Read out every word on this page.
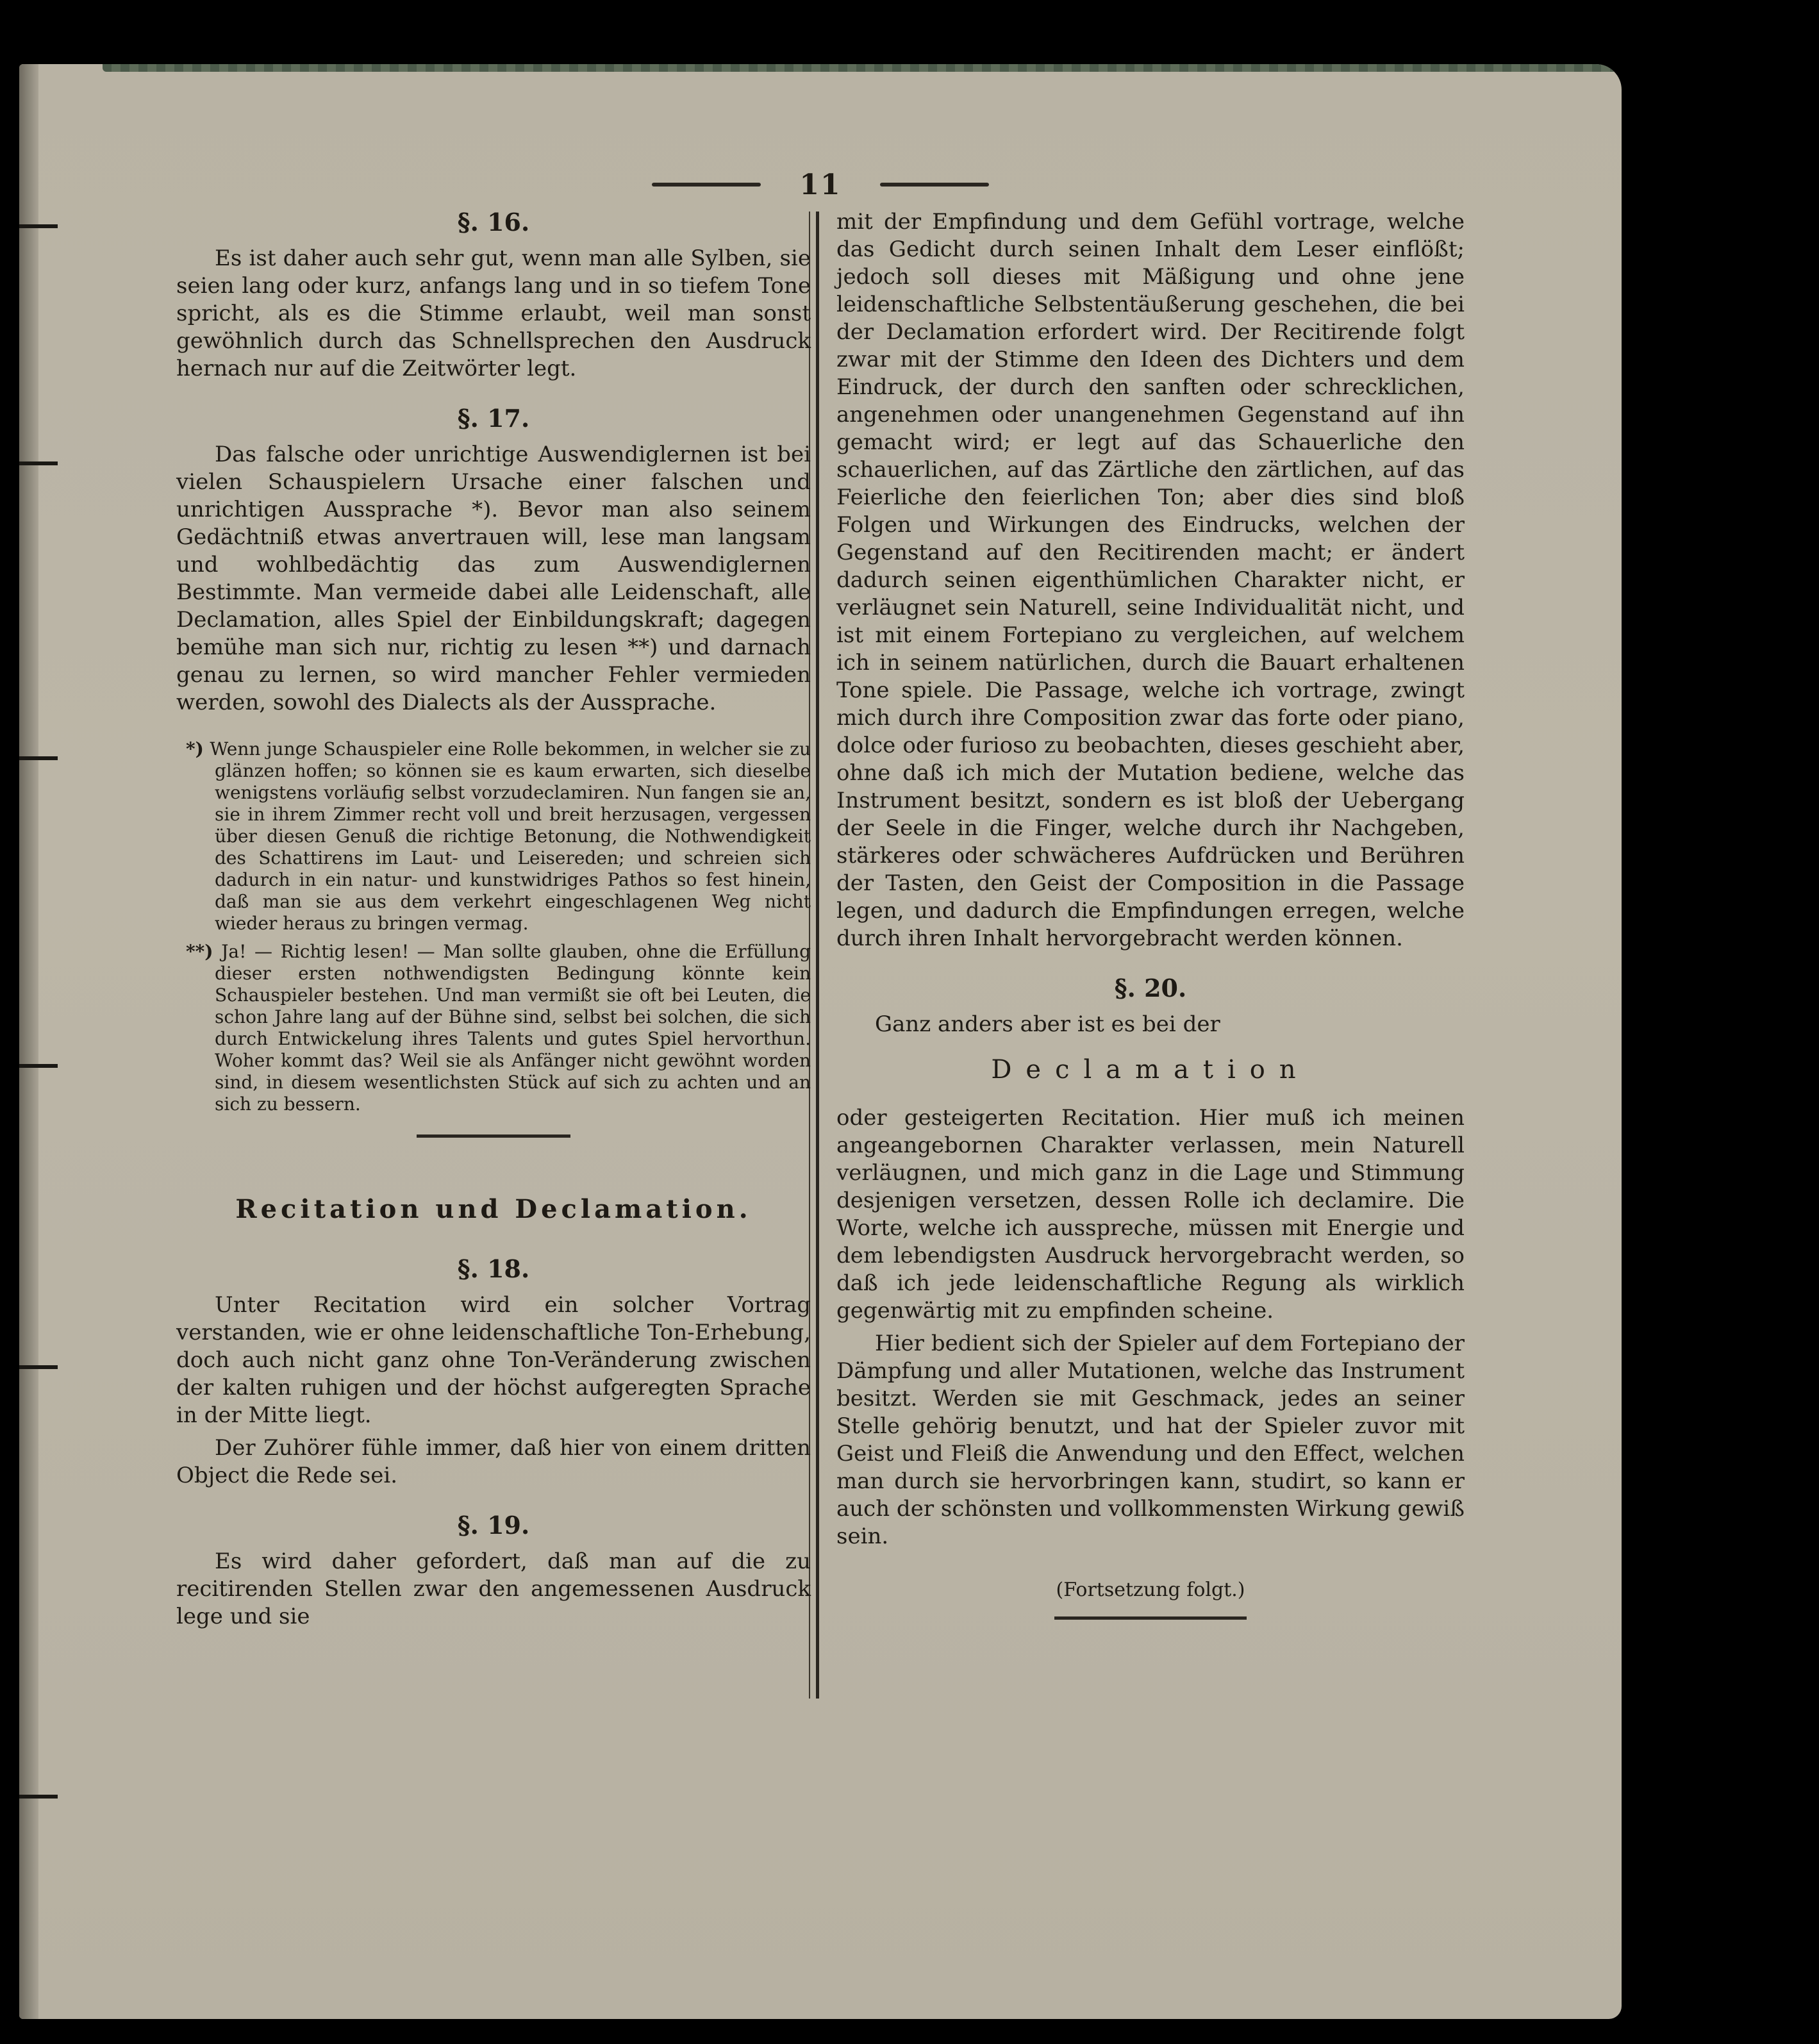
11
§. 16.

Es ist daher auch sehr gut, wenn man alle Sylben, sie seien lang oder kurz, anfangs lang und in so tiefem Tone spricht, als es die Stimme erlaubt, weil man sonst gewöhnlich durch das Schnellsprechen den Ausdruck hernach nur auf die Zeitwörter legt.

§. 17.

Das falsche oder unrichtige Auswendiglernen ist bei vielen Schauspielern Ursache einer falschen und unrichtigen Aussprache *). Bevor man also seinem Gedächtniß etwas anvertrauen will, lese man langsam und wohlbedächtig das zum Auswendiglernen Bestimmte. Man vermeide dabei alle Leidenschaft, alle Declamation, alles Spiel der Einbildungskraft; dagegen bemühe man sich nur, richtig zu lesen **) und darnach genau zu lernen, so wird mancher Fehler vermieden werden, sowohl des Dialects als der Aussprache.

*) Wenn junge Schauspieler eine Rolle bekommen, in welcher sie zu glänzen hoffen; so können sie es kaum erwarten, sich dieselbe wenigstens vorläufig selbst vorzudeclamiren. Nun fangen sie an, sie in ihrem Zimmer recht voll und breit herzusagen, vergessen über diesen Genuß die richtige Betonung, die Nothwendigkeit des Schattirens im Laut- und Leisereden; und schreien sich dadurch in ein natur- und kunstwidriges Pathos so fest hinein, daß man sie aus dem verkehrt eingeschlagenen Weg nicht wieder heraus zu bringen vermag.

**) Ja! — Richtig lesen! — Man sollte glauben, ohne die Erfüllung dieser ersten nothwendigsten Bedingung könnte kein Schauspieler bestehen. Und man vermißt sie oft bei Leuten, die schon Jahre lang auf der Bühne sind, selbst bei solchen, die sich durch Entwickelung ihres Talents und gutes Spiel hervorthun. Woher kommt das? Weil sie als Anfänger nicht gewöhnt worden sind, in diesem wesentlichsten Stück auf sich zu achten und an sich zu bessern.

Recitation und Declamation.
§. 18.

Unter Recitation wird ein solcher Vortrag verstanden, wie er ohne leidenschaftliche Ton-Erhebung, doch auch nicht ganz ohne Ton-Veränderung zwischen der kalten ruhigen und der höchst aufgeregten Sprache in der Mitte liegt.

Der Zuhörer fühle immer, daß hier von einem dritten Object die Rede sei.

§. 19.

Es wird daher gefordert, daß man auf die zu recitirenden Stellen zwar den angemessenen Ausdruck lege und sie

mit der Empfindung und dem Gefühl vortrage, welche das Gedicht durch seinen Inhalt dem Leser einflößt; jedoch soll dieses mit Mäßigung und ohne jene leidenschaftliche Selbstentäußerung geschehen, die bei der Declamation erfordert wird. Der Recitirende folgt zwar mit der Stimme den Ideen des Dichters und dem Eindruck, der durch den sanften oder schrecklichen, angenehmen oder unangenehmen Gegenstand auf ihn gemacht wird; er legt auf das Schauerliche den schauerlichen, auf das Zärtliche den zärtlichen, auf das Feierliche den feierlichen Ton; aber dies sind bloß Folgen und Wirkungen des Eindrucks, welchen der Gegenstand auf den Recitirenden macht; er ändert dadurch seinen eigenthümlichen Charakter nicht, er verläugnet sein Naturell, seine Individualität nicht, und ist mit einem Fortepiano zu vergleichen, auf welchem ich in seinem natürlichen, durch die Bauart erhaltenen Tone spiele. Die Passage, welche ich vortrage, zwingt mich durch ihre Composition zwar das forte oder piano, dolce oder furioso zu beobachten, dieses geschieht aber, ohne daß ich mich der Mutation bediene, welche das Instrument besitzt, sondern es ist bloß der Uebergang der Seele in die Finger, welche durch ihr Nachgeben, stärkeres oder schwächeres Aufdrücken und Berühren der Tasten, den Geist der Composition in die Passage legen, und dadurch die Empfindungen erregen, welche durch ihren Inhalt hervorgebracht werden können.

§. 20.

Ganz anders aber ist es bei der

Declamation

oder gesteigerten Recitation. Hier muß ich meinen angeangebornen Charakter verlassen, mein Naturell verläugnen, und mich ganz in die Lage und Stimmung desjenigen versetzen, dessen Rolle ich declamire. Die Worte, welche ich ausspreche, müssen mit Energie und dem lebendigsten Ausdruck hervorgebracht werden, so daß ich jede leidenschaftliche Regung als wirklich gegenwärtig mit zu empfinden scheine.

Hier bedient sich der Spieler auf dem Fortepiano der Dämpfung und aller Mutationen, welche das Instrument besitzt. Werden sie mit Geschmack, jedes an seiner Stelle gehörig benutzt, und hat der Spieler zuvor mit Geist und Fleiß die Anwendung und den Effect, welchen man durch sie hervorbringen kann, studirt, so kann er auch der schönsten und vollkommensten Wirkung gewiß sein.

(Fortsetzung folgt.)
